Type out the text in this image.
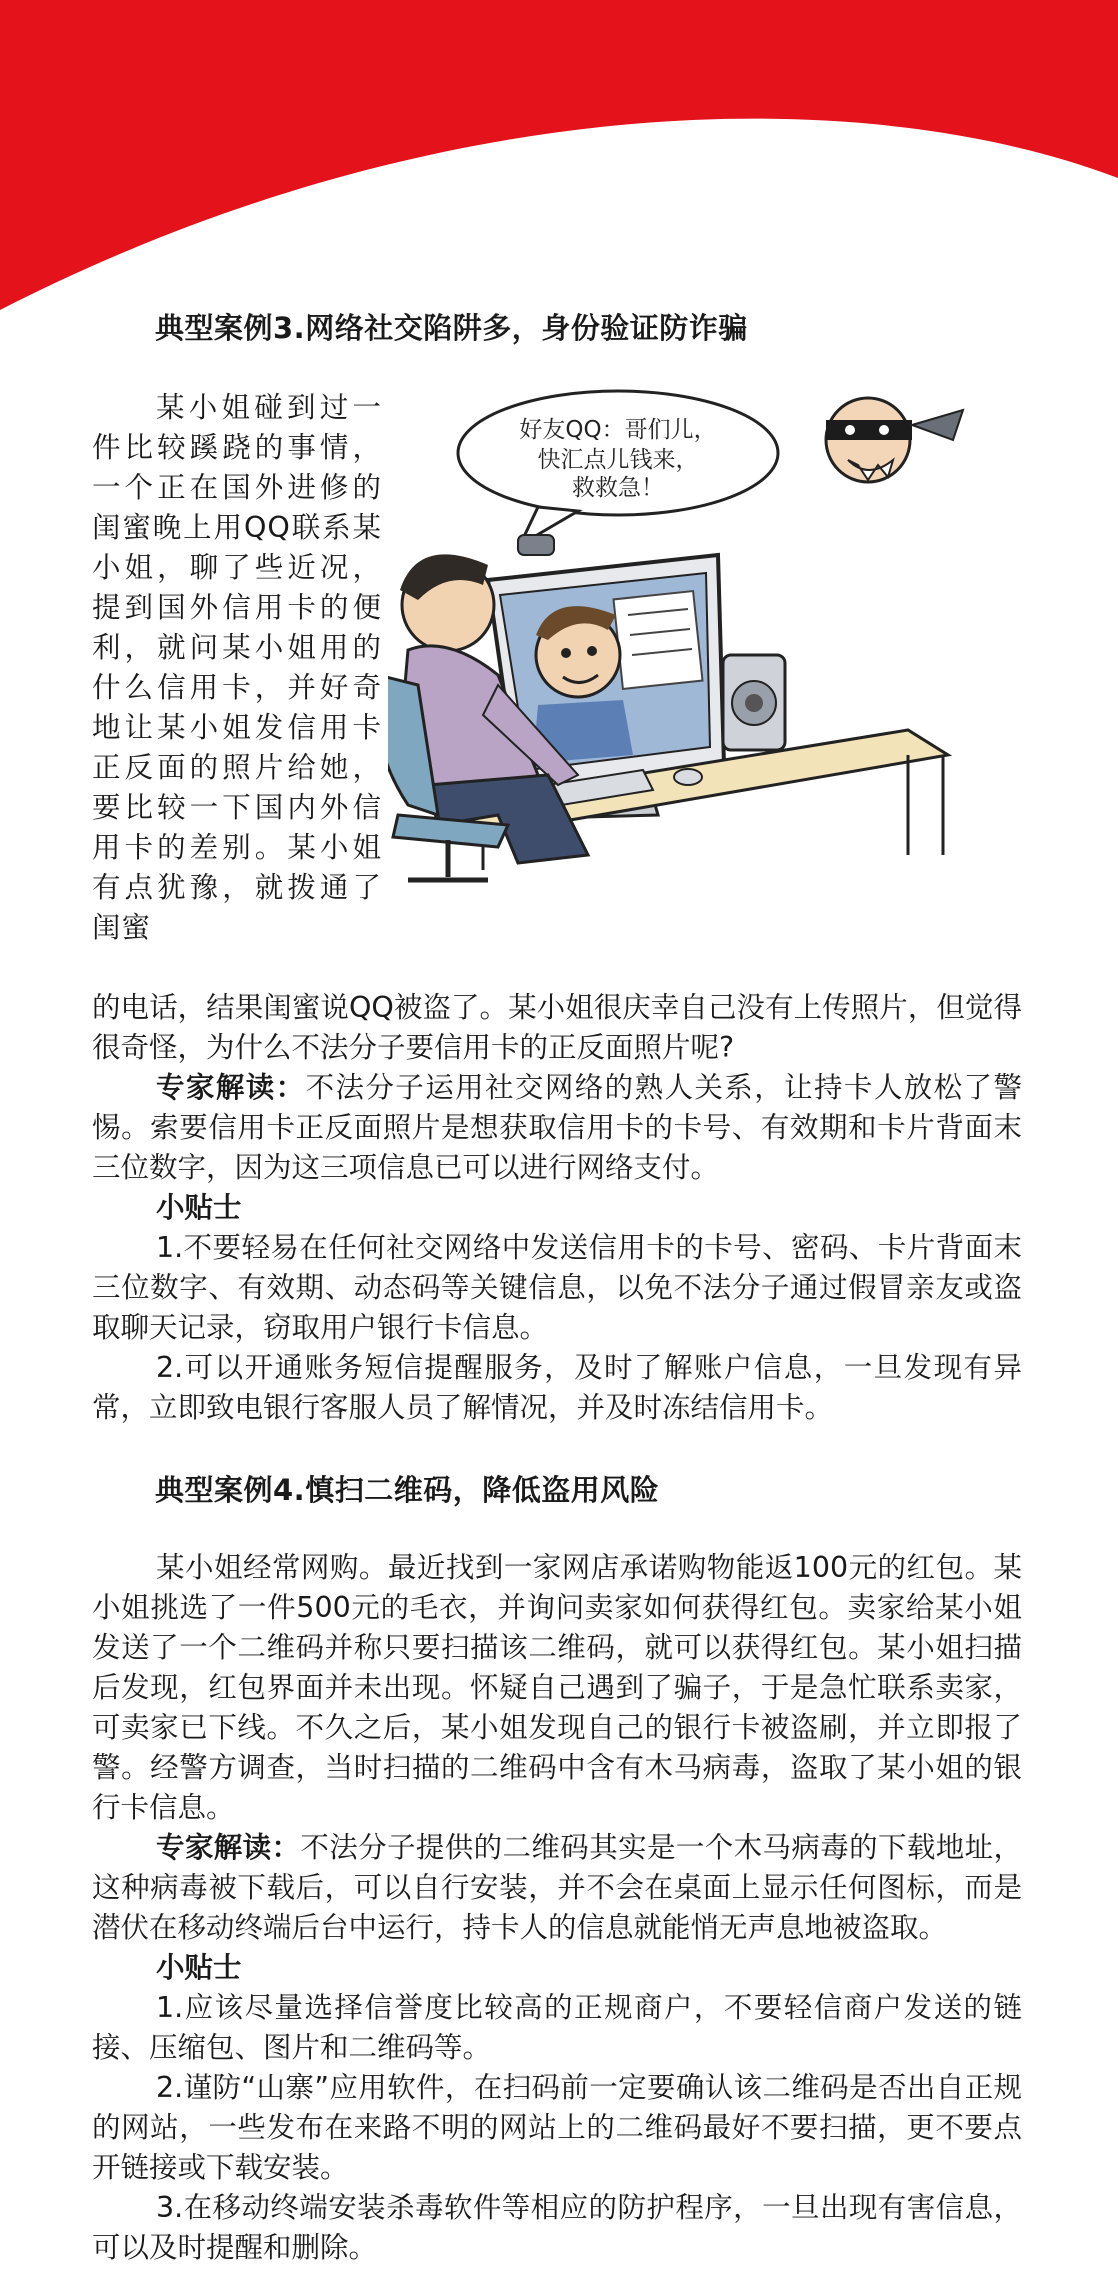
典型案例3.网络社交陷阱多，身份验证防诈骗

某小姐碰到过一件比较蹊跷的事情，一个正在国外进修的闺蜜晚上用QQ联系某小姐，聊了些近况，提到国外信用卡的便利，就问某小姐用的什么信用卡，并好奇地让某小姐发信用卡正反面的照片给她，要比较一下国内外信用卡的差别。某小姐有点犹豫，就拨通了闺蜜

好友QQ：哥们儿，
快汇点儿钱来，
救救急！

的电话，结果闺蜜说QQ被盗了。某小姐很庆幸自己没有上传照片，但觉得很奇怪，为什么不法分子要信用卡的正反面照片呢?

专家解读：不法分子运用社交网络的熟人关系，让持卡人放松了警惕。索要信用卡正反面照片是想获取信用卡的卡号、有效期和卡片背面末三位数字，因为这三项信息已可以进行网络支付。

小贴士

1.不要轻易在任何社交网络中发送信用卡的卡号、密码、卡片背面末三位数字、有效期、动态码等关键信息，以免不法分子通过假冒亲友或盗取聊天记录，窃取用户银行卡信息。

2.可以开通账务短信提醒服务，及时了解账户信息，一旦发现有异常，立即致电银行客服人员了解情况，并及时冻结信用卡。

典型案例4.慎扫二维码，降低盗用风险

某小姐经常网购。最近找到一家网店承诺购物能返100元的红包。某小姐挑选了一件500元的毛衣，并询问卖家如何获得红包。卖家给某小姐发送了一个二维码并称只要扫描该二维码，就可以获得红包。某小姐扫描后发现，红包界面并未出现。怀疑自己遇到了骗子，于是急忙联系卖家，可卖家已下线。不久之后，某小姐发现自己的银行卡被盗刷，并立即报了警。经警方调查，当时扫描的二维码中含有木马病毒，盗取了某小姐的银行卡信息。

专家解读：不法分子提供的二维码其实是一个木马病毒的下载地址，这种病毒被下载后，可以自行安装，并不会在桌面上显示任何图标，而是潜伏在移动终端后台中运行，持卡人的信息就能悄无声息地被盗取。

小贴士

1.应该尽量选择信誉度比较高的正规商户，不要轻信商户发送的链接、压缩包、图片和二维码等。

2.谨防“山寨”应用软件，在扫码前一定要确认该二维码是否出自正规的网站，一些发布在来路不明的网站上的二维码最好不要扫描，更不要点开链接或下载安装。

3.在移动终端安装杀毒软件等相应的防护程序，一旦出现有害信息，可以及时提醒和删除。
